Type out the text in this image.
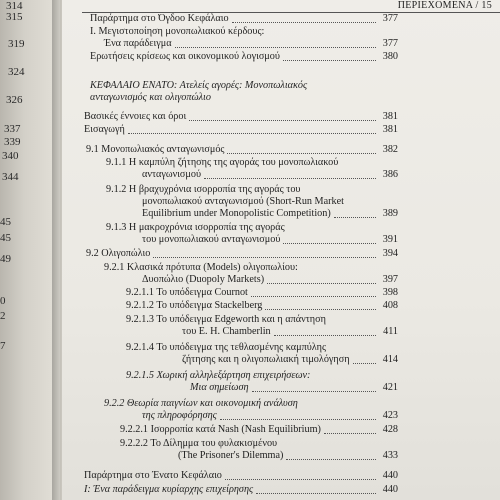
314
315
319
324
326
337
339
340
344
45
45
49
0
2
7
ΠΕΡΙΕΧΟΜΕΝΑ / 15
Παράρτημα στο Όγδοο Κεφάλαιο	377
I. Μεγιστοποίηση μονοπωλιακού κέρδους:
Ένα παράδειγμα	377
Ερωτήσεις κρίσεως και οικονομικού λογισμού	380
ΚΕΦΑΛΑΙΟ ΕΝΑΤΟ: Ατελείς αγορές: Μονοπωλιακός
ανταγωνισμός και ολιγοπώλιο
Βασικές έννοιες και όροι	381
Εισαγωγή	381
9.1 Μονοπωλιακός ανταγωνισμός	382
9.1.1 Η καμπύλη ζήτησης της αγοράς του μονοπωλιακού
ανταγωνισμού	386
9.1.2 Η βραχυχρόνια ισορροπία της αγοράς του
μονοπωλιακού ανταγωνισμού (Short-Run Market
Equilibrium under Monopolistic Competition)	389
9.1.3 Η μακροχρόνια ισορροπία της αγοράς
του μονοπωλιακού ανταγωνισμού	391
9.2 Ολιγοπώλιο	394
9.2.1 Κλασικά πρότυπα (Models) ολιγοπωλίου:
Δυοπώλιο (Duopoly Markets)	397
9.2.1.1 Το υπόδειγμα Cournot	398
9.2.1.2 Το υπόδειγμα Stackelberg	408
9.2.1.3 Το υπόδειγμα Edgeworth και η απάντηση
του E. H. Chamberlin	411
9.2.1.4 Το υπόδειγμα της τεθλασμένης καμπύλης
ζήτησης και η ολιγοπωλιακή τιμολόγηση	414
9.2.1.5 Χωρική αλληλεξάρτηση επιχειρήσεων:
Μια σημείωση	421
9.2.2 Θεωρία παιγνίων και οικονομική ανάλυση
της πληροφόρησης	423
9.2.2.1 Ισορροπία κατά Nash (Nash Equilibrium)	428
9.2.2.2 Το Δίλημμα του φυλακισμένου
(The Prisoner's Dilemma)	433
Παράρτημα στο Ένατο Κεφάλαιο	440
I: Ένα παράδειγμα κυρίαρχης επιχείρησης	440
